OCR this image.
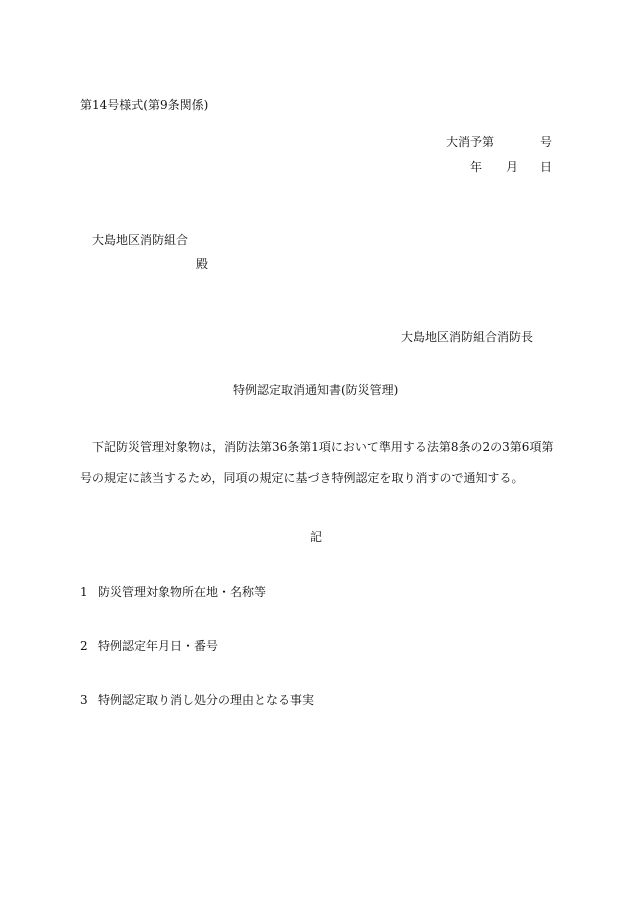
第14号様式(第9条関係)
大消予第	号
年 月 日
大島地区消防組合
殿
大島地区消防組合消防長
特例認定取消通知書(防災管理)
下記防災管理対象物は，消防法第36条第1項において準用する法第8条の2の3第6項第
号の規定に該当するため，同項の規定に基づき特例認定を取り消すので通知する。
記
1 防災管理対象物所在地・名称等
2 特例認定年月日・番号
3 特例認定取り消し処分の理由となる事実
